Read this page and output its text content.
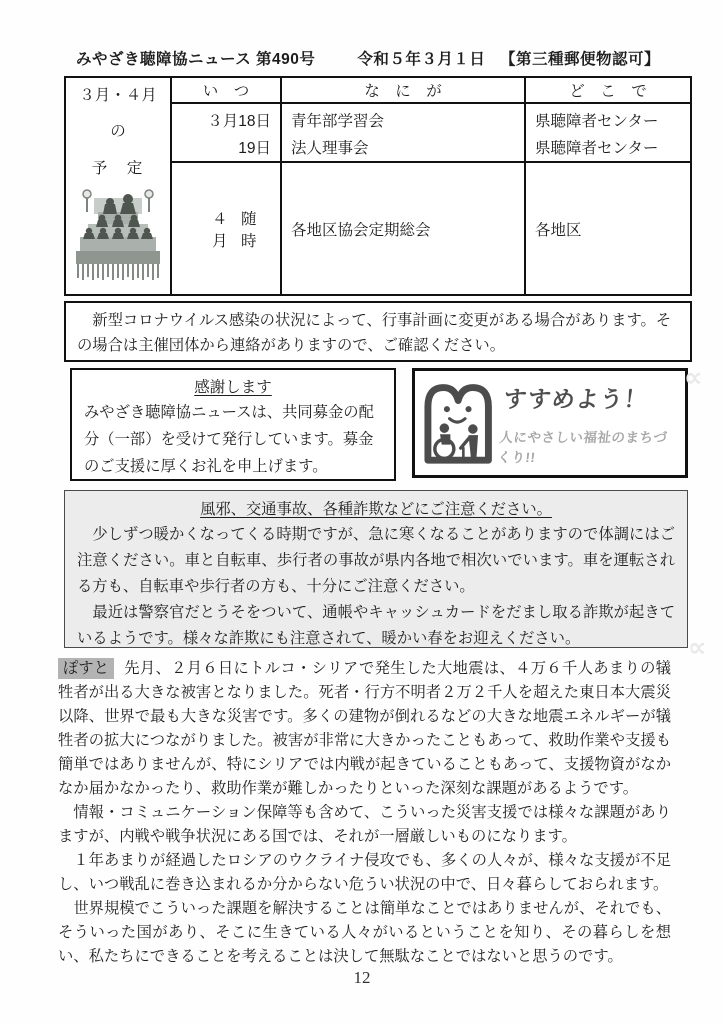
みやざき聴障協ニュース 第490号	令和５年３月１日 【第三種郵便物認可】
３月・４月
の
予　定
い　つ	な　に　が	ど　こ　で
３月18日	青年部学習会	県聴障者センター
19日	法人理事会	県聴障者センター
４月
随時
各地区協会定期総会	各地区
　新型コロナウイルス感染の状況によって、行事計画に変更がある場合があります。その場合は主催団体から連絡がありますので、ご確認ください。
感謝します
みやざき聴障協ニュースは、共同募金の配分（一部）を受けて発行しています。募金のご支援に厚くお礼を申上げます。
すすめよう！
人にやさしい福祉のまちづくり!!
風邪、交通事故、各種詐欺などにご注意ください。

　少しずつ暖かくなってくる時期ですが、急に寒くなることがありますので体調にはご注意ください。車と自転車、歩行者の事故が県内各地で相次いでいます。車を運転される方も、自転車や歩行者の方も、十分にご注意ください。

　最近は警察官だとうそをついて、通帳やキャッシュカードをだまし取る詐欺が起きているようです。様々な詐欺にも注意されて、暖かい春をお迎えください。

ぽすと 先月、２月６日にトルコ・シリアで発生した大地震は、４万６千人あまりの犠牲者が出る大きな被害となりました。死者・行方不明者２万２千人を超えた東日本大震災以降、世界で最も大きな災害です。多くの建物が倒れるなどの大きな地震エネルギーが犠牲者の拡大につながりました。被害が非常に大きかったこともあって、救助作業や支援も簡単ではありませんが、特にシリアでは内戦が起きていることもあって、支援物資がなかなか届かなかったり、救助作業が難しかったりといった深刻な課題があるようです。

　情報・コミュニケーション保障等も含めて、こういった災害支援では様々な課題がありますが、内戦や戦争状況にある国では、それが一層厳しいものになります。

　１年あまりが経過したロシアのウクライナ侵攻でも、多くの人々が、様々な支援が不足し、いつ戦乱に巻き込まれるか分からない危うい状況の中で、日々暮らしておられます。

　世界規模でこういった課題を解決することは簡単なことではありませんが、それでも、そういった国があり、そこに生きている人々がいるということを知り、その暮らしを想い、私たちにできることを考えることは決して無駄なことではないと思うのです。

12
∝
∝
